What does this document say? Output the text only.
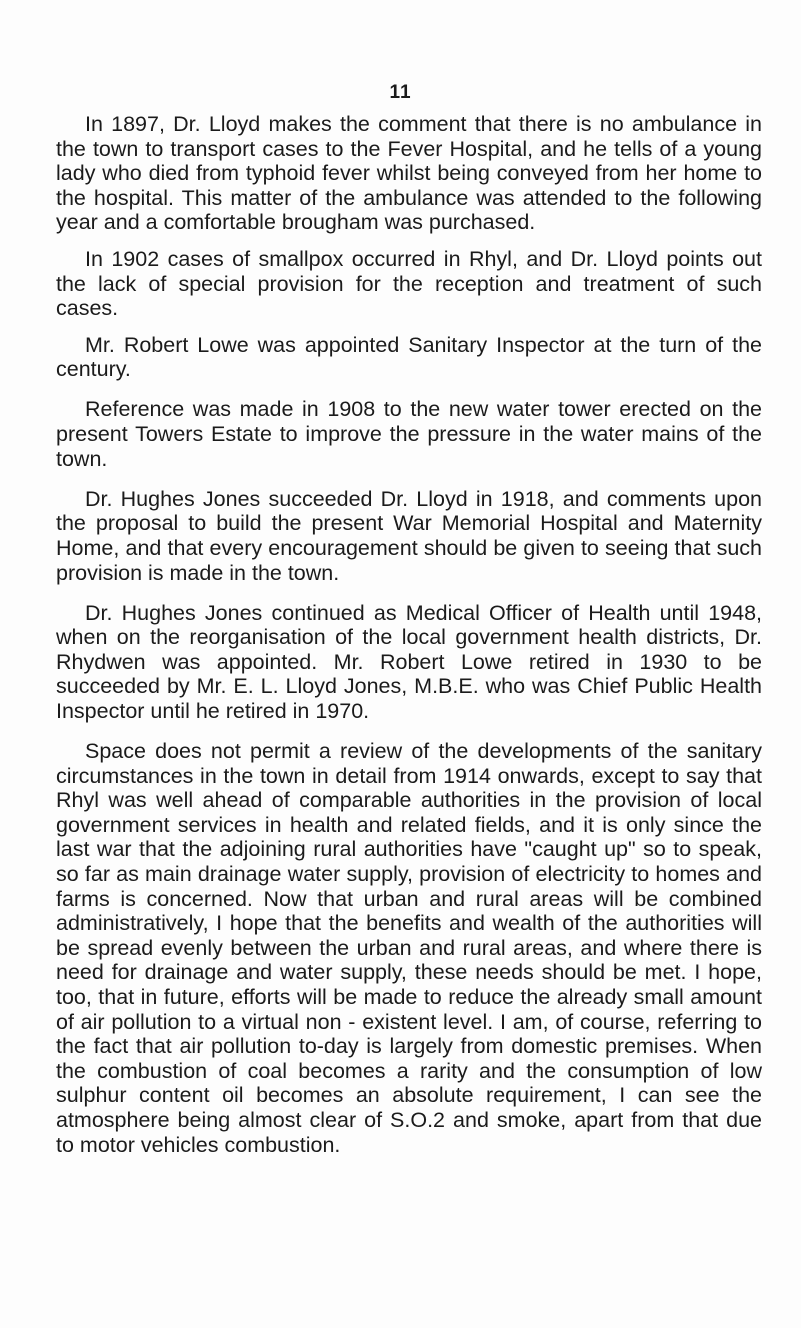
11

In 1897, Dr. Lloyd makes the comment that there is no ambulance in the town to transport cases to the Fever Hospital, and he tells of a young lady who died from typhoid fever whilst being conveyed from her home to the hospital. This matter of the ambulance was attended to the following year and a comfortable brougham was purchased.

In 1902 cases of smallpox occurred in Rhyl, and Dr. Lloyd points out the lack of special provision for the reception and treatment of such cases.

Mr. Robert Lowe was appointed Sanitary Inspector at the turn of the century.

Reference was made in 1908 to the new water tower erected on the present Towers Estate to improve the pressure in the water mains of the town.

Dr. Hughes Jones succeeded Dr. Lloyd in 1918, and comments upon the proposal to build the present War Memorial Hospital and Maternity Home, and that every encouragement should be given to seeing that such provision is made in the town.

Dr. Hughes Jones continued as Medical Officer of Health until 1948, when on the reorganisation of the local government health districts, Dr. Rhydwen was appointed. Mr. Robert Lowe retired in 1930 to be succeeded by Mr. E. L. Lloyd Jones, M.B.E. who was Chief Public Health Inspector until he retired in 1970.

Space does not permit a review of the developments of the sanitary circumstances in the town in detail from 1914 onwards, except to say that Rhyl was well ahead of comparable authorities in the provision of local government services in health and related fields, and it is only since the last war that the adjoining rural authorities have "caught up" so to speak, so far as main drainage water supply, provision of electricity to homes and farms is concerned. Now that urban and rural areas will be combined administratively, I hope that the benefits and wealth of the authorities will be spread evenly between the urban and rural areas, and where there is need for drainage and water supply, these needs should be met. I hope, too, that in future, efforts will be made to reduce the already small amount of air pollution to a virtual non - existent level. I am, of course, referring to the fact that air pollution to-day is largely from domestic premises. When the combustion of coal becomes a rarity and the consumption of low sulphur content oil becomes an absolute requirement, I can see the atmosphere being almost clear of S.O.2 and smoke, apart from that due to motor vehicles combustion.
